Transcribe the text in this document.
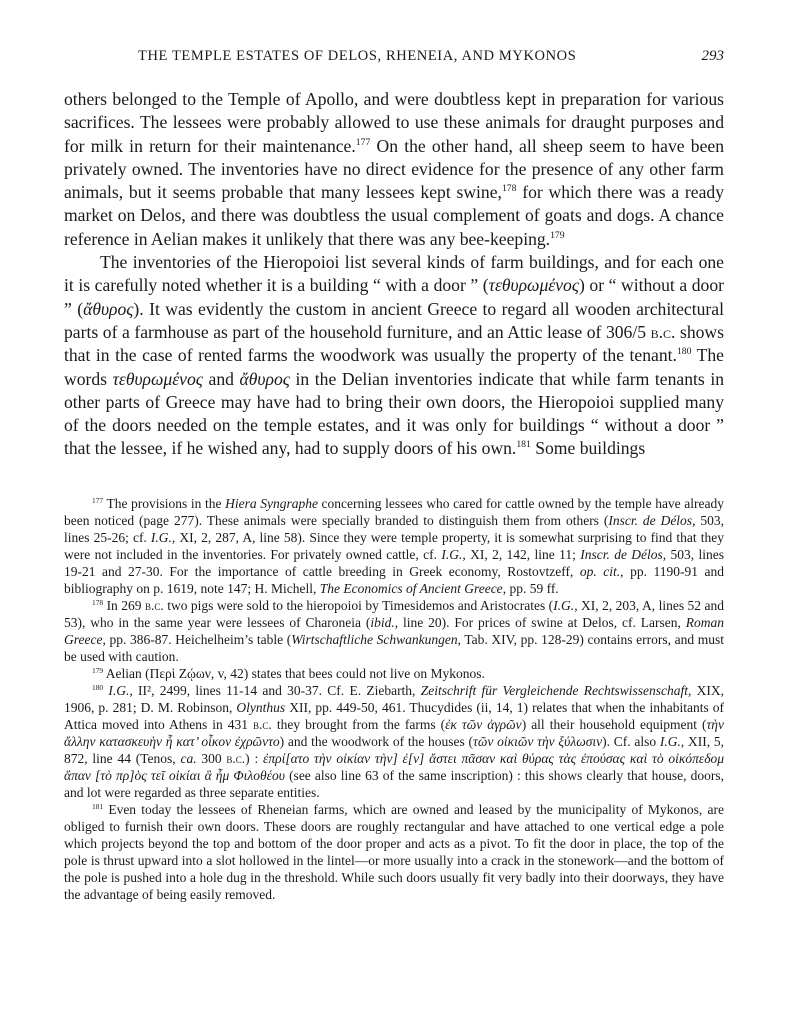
THE TEMPLE ESTATES OF DELOS, RHENEIA, AND MYKONOS	293

others belonged to the Temple of Apollo, and were doubtless kept in preparation for various sacrifices. The lessees were probably allowed to use these animals for draught purposes and for milk in return for their maintenance.$^{177}$ On the other hand, all sheep seem to have been privately owned. The inventories have no direct evidence for the presence of any other farm animals, but it seems probable that many lessees kept swine,$^{178}$ for which there was a ready market on Delos, and there was doubtless the usual complement of goats and dogs. A chance reference in Aelian makes it unlikely that there was any bee-keeping.$^{179}$

The inventories of the Hieropoioi list several kinds of farm buildings, and for each one it is carefully noted whether it is a building “ with a door ” (τεθυρωμένος) or “ without a door ” (ἄθυρος). It was evidently the custom in ancient Greece to regard all wooden architectural parts of a farmhouse as part of the household furniture, and an Attic lease of 306/5 b.c. shows that in the case of rented farms the woodwork was usually the property of the tenant.$^{180}$ The words τεθυρωμένος and ἄθυρος in the Delian inventories indicate that while farm tenants in other parts of Greece may have had to bring their own doors, the Hieropoioi supplied many of the doors needed on the temple estates, and it was only for buildings “ without a door ” that the lessee, if he wished any, had to supply doors of his own.$^{181}$ Some buildings

$^{177}$ The provisions in the Hiera Syngraphe concerning lessees who cared for cattle owned by the temple have already been noticed (page 277). These animals were specially branded to distinguish them from others (Inscr. de Délos, 503, lines 25-26; cf. I.G., XI, 2, 287, A, line 58). Since they were temple property, it is somewhat surprising to find that they were not included in the inventories. For privately owned cattle, cf. I.G., XI, 2, 142, line 11; Inscr. de Délos, 503, lines 19-21 and 27-30. For the importance of cattle breeding in Greek economy, Rostovtzeff, op. cit., pp. 1190-91 and bibliography on p. 1619, note 147; H. Michell, The Economics of Ancient Greece, pp. 59 ff.

$^{178}$ In 269 b.c. two pigs were sold to the hieropoioi by Timesidemos and Aristocrates (I.G., XI, 2, 203, A, lines 52 and 53), who in the same year were lessees of Charoneia (ibid., line 20). For prices of swine at Delos, cf. Larsen, Roman Greece, pp. 386-87. Heichelheim’s table (Wirtschaftliche Schwankungen, Tab. XIV, pp. 128-29) contains errors, and must be used with caution.

$^{179}$ Aelian (Περὶ Ζῴων, v, 42) states that bees could not live on Mykonos.

$^{180}$ I.G., II², 2499, lines 11-14 and 30-37. Cf. E. Ziebarth, Zeitschrift für Vergleichende Rechtswissenschaft, XIX, 1906, p. 281; D. M. Robinson, Olynthus XII, pp. 449-50, 461. Thucydides (ii, 14, 1) relates that when the inhabitants of Attica moved into Athens in 431 b.c. they brought from the farms (ἐκ τῶν ἀγρῶν) all their household equipment (τὴν ἄλλην κατασκευὴν ἧ κατ’ οἶκον ἐχρῶντο) and the woodwork of the houses (τῶν οἰκιῶν τὴν ξύλωσιν). Cf. also I.G., XII, 5, 872, line 44 (Tenos, ca. 300 b.c.) : ἐπρί[ατο τὴν οἰκίαν τὴν] ἐ[ν] ἄστει πᾶσαν καὶ θύρας τὰς ἐπούσας καὶ τὸ οἰκόπεδομ ἅπαν [τὸ πρ]ὸς τεῖ οἰκίαι ἃ ἦμ Φιλοθέου (see also line 63 of the same inscription) : this shows clearly that house, doors, and lot were regarded as three separate entities.

$^{181}$ Even today the lessees of Rheneian farms, which are owned and leased by the municipality of Mykonos, are obliged to furnish their own doors. These doors are roughly rectangular and have attached to one vertical edge a pole which projects beyond the top and bottom of the door proper and acts as a pivot. To fit the door in place, the top of the pole is thrust upward into a slot hollowed in the lintel—or more usually into a crack in the stonework—and the bottom of the pole is pushed into a hole dug in the threshold. While such doors usually fit very badly into their doorways, they have the advantage of being easily removed.
